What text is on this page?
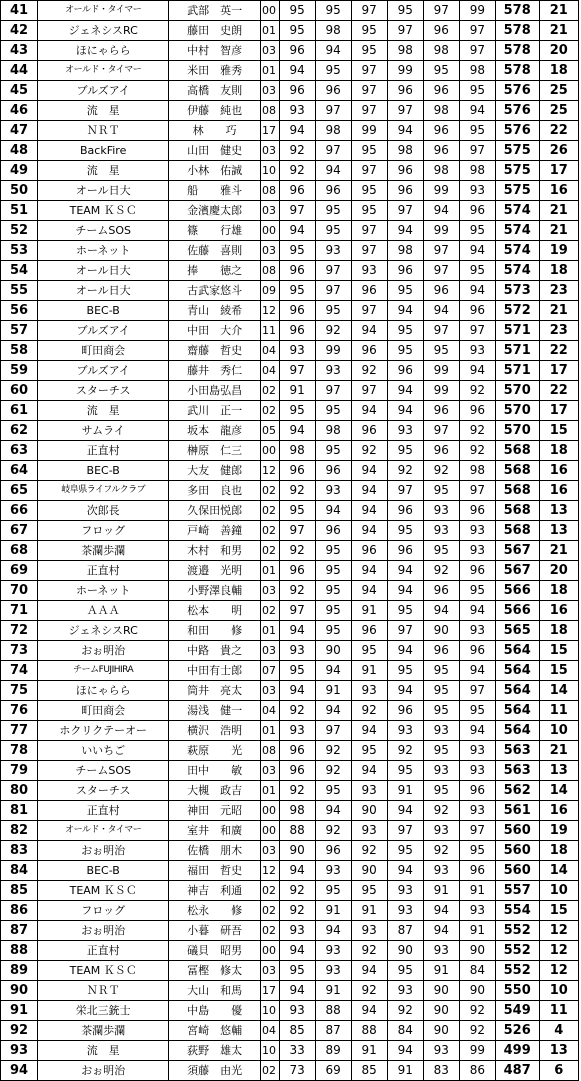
41	オールド・タイマー	武部　英一	00	95	95	97	95	97	99	578	21
42	ジェネシスRC	藤田　史朗	01	95	98	95	97	96	97	578	21
43	ほにゃらら	中村　智彦	03	96	94	95	98	98	97	578	20
44	オールド・タイマー	米田　雅秀	01	94	95	97	99	95	98	578	18
45	ブルズアイ	高橋　友則	03	96	96	97	96	96	95	576	25
46	流　星	伊藤　純也	08	93	97	97	97	98	94	576	25
47	ＮＲＴ	林　　巧	17	94	98	99	94	96	95	576	22
48	BackFire	山田　健史	03	92	97	95	98	96	97	575	26
49	流　星	小林　佑誠	10	92	94	97	96	98	98	575	17
50	オール日大	船　　雅斗	08	96	96	95	96	99	93	575	16
51	TEAM ＫＳＣ	金濱慶太郎	03	97	95	95	97	94	96	574	21
52	チームSOS	篠　　行雄	00	94	95	97	94	99	95	574	21
53	ホーネット	佐藤　喜則	03	95	93	97	98	97	94	574	19
54	オール日大	捧　　徳之	08	96	97	93	96	97	95	574	18
55	オール日大	古武家悠斗	09	95	97	96	95	96	94	573	23
56	BEC-B	青山　綾希	12	96	95	97	94	94	96	572	21
57	ブルズアイ	中田　大介	11	96	92	94	95	97	97	571	23
58	町田商会	齋藤　哲史	04	93	99	96	95	95	93	571	22
59	ブルズアイ	藤井　秀仁	04	97	93	92	96	99	94	571	17
60	スターチス	小田島弘昌	02	91	97	97	94	99	92	570	22
61	流　星	武川　正一	02	95	95	94	94	96	96	570	17
62	サムライ	坂本　龍彦	05	94	98	96	93	97	92	570	15
63	正直村	榊原　仁三	00	98	95	92	95	96	92	568	18
64	BEC-B	大友　健郎	12	96	96	94	92	92	98	568	16
65	岐阜県ライフルクラブ	多田　良也	02	92	93	94	97	95	97	568	16
66	次郎長	久保田悦郎	02	95	94	94	96	93	96	568	13
67	フロッグ	戸崎　善鐘	02	97	96	94	95	93	93	568	13
68	茶瀾歩瀾	木村　和男	02	92	95	96	96	95	93	567	21
69	正直村	渡邉　光明	01	96	95	94	94	92	96	567	20
70	ホーネット	小野澤良輔	03	92	95	94	94	96	95	566	18
71	ＡＡＡ	松本　　明	02	97	95	91	95	94	94	566	16
72	ジェネシスRC	和田　　修	01	94	95	96	97	90	93	565	18
73	おぉ明治	中路　貴之	03	93	90	95	94	96	96	564	15
74	チームFUJIHIRA	中田有士郎	07	95	94	91	95	95	94	564	15
75	ほにゃらら	筒井　亮太	03	94	91	93	94	95	97	564	14
76	町田商会	湯浅　健一	04	92	94	92	96	95	95	564	11
77	ホクリクテーオー	横沢　浩明	01	93	97	94	93	93	94	564	10
78	いいちご	萩原　　光	08	96	92	95	92	95	93	563	21
79	チームSOS	田中　　敏	03	96	92	94	95	93	93	563	13
80	スターチス	大槻　政吉	01	92	95	93	91	95	96	562	14
81	正直村	神田　元昭	00	98	94	90	94	92	93	561	16
82	オールド・タイマー	室井　和廣	00	88	92	93	97	93	97	560	19
83	おぉ明治	佐橋　朋木	03	90	96	92	95	92	95	560	18
84	BEC-B	福田　哲史	12	94	93	90	94	93	96	560	14
85	TEAM ＫＳＣ	神吉　利通	02	92	95	95	93	91	91	557	10
86	フロッグ	松永　　修	02	92	91	91	93	94	93	554	15
87	おぉ明治	小暮　研吾	02	93	94	93	87	94	91	552	12
88	正直村	礒貝　昭男	00	94	93	92	90	93	90	552	12
89	TEAM ＫＳＣ	冨樫　修太	03	95	93	94	95	91	84	552	12
90	ＮＲＴ	大山　和馬	17	94	91	92	93	90	90	550	10
91	栄北三銃士	中島　　優	10	93	88	94	92	90	92	549	11
92	茶瀾歩瀾	宮崎　悠輔	04	85	87	88	84	90	92	526	4
93	流　星	荻野　雄太	10	33	89	91	94	93	99	499	13
94	おぉ明治	須藤　由光	02	73	69	85	91	83	86	487	6
